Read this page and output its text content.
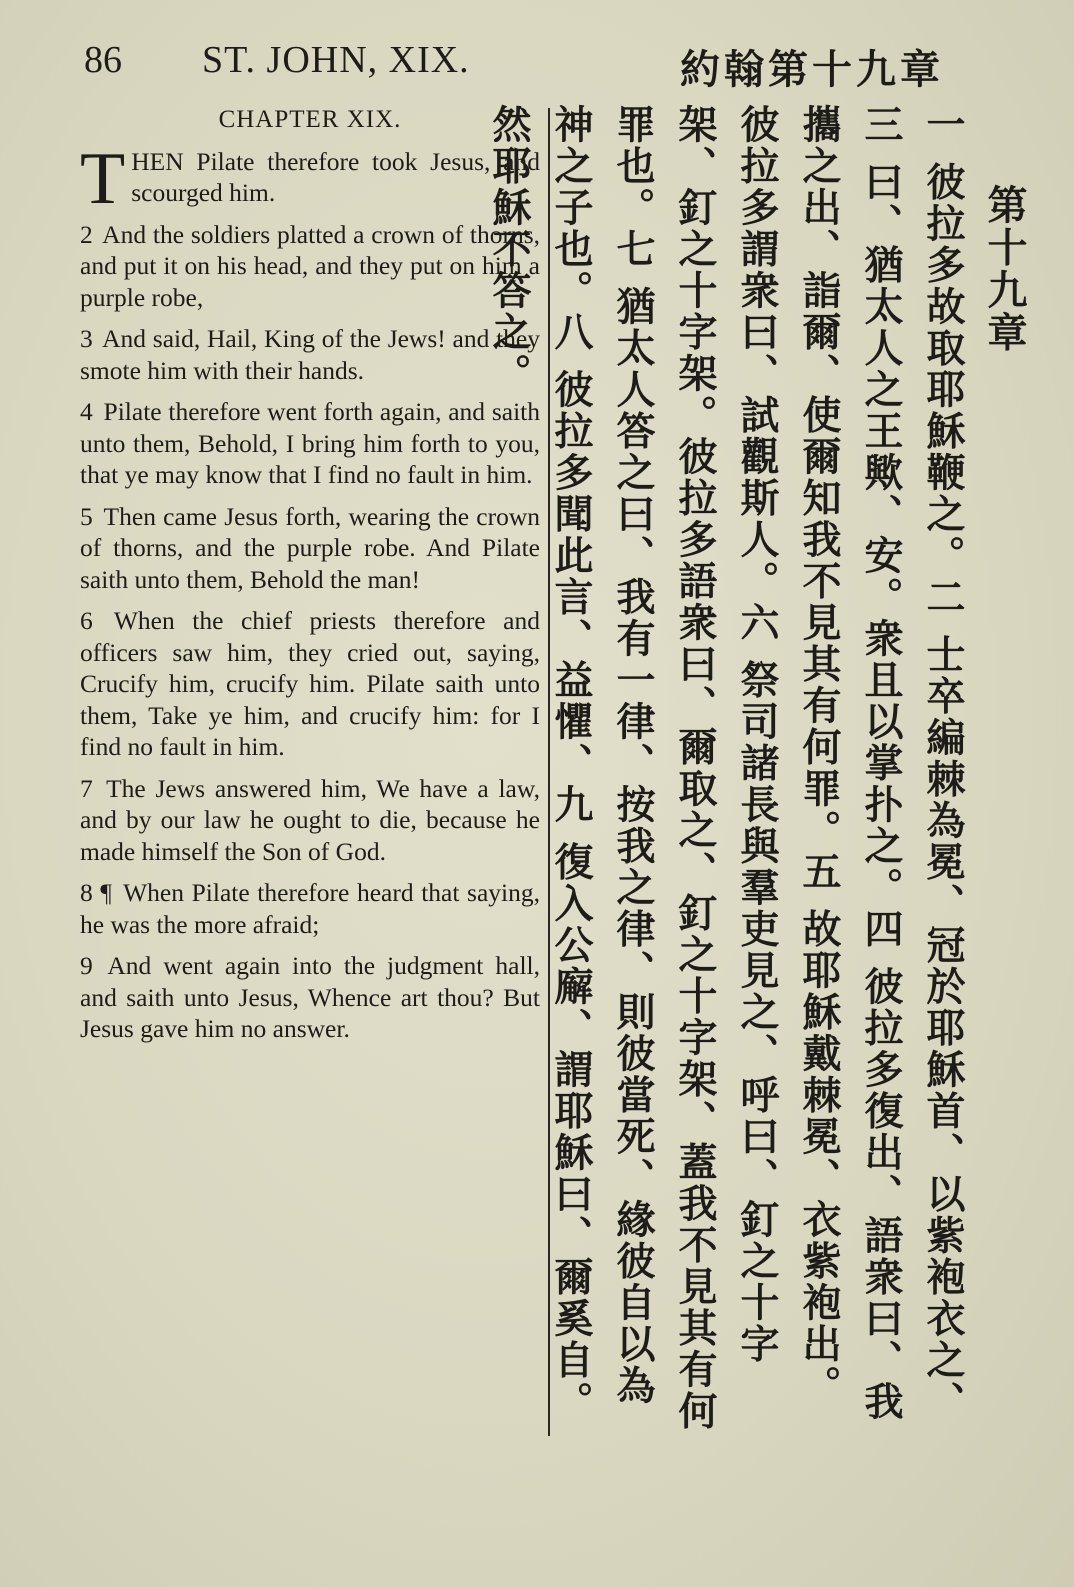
86 ST. JOHN, XIX.	約翰第十九章
CHAPTER XIX.
T HEN Pilate therefore took Jesus, and scourged him.
2 And the soldiers platted a crown of thorns, and put it on his head, and they put on him a purple robe,
3 And said, Hail, King of the Jews! and they smote him with their hands.
4 Pilate therefore went forth again, and saith unto them, Behold, I bring him forth to you, that ye may know that I find no fault in him.
5 Then came Jesus forth, wearing the crown of thorns, and the purple robe. And Pilate saith unto them, Behold the man!
6 When the chief priests therefore and officers saw him, they cried out, saying, Crucify him, crucify him. Pilate saith unto them, Take ye him, and crucify him: for I find no fault in him.
7 The Jews answered him, We have a law, and by our law he ought to die, because he made himself the Son of God.
8 ¶ When Pilate therefore heard that saying, he was the more afraid;
9 And went again into the judgment hall, and saith unto Jesus, Whence art thou? But Jesus gave him no answer.
第十九章
一 彼拉多故取耶穌鞭之。二 士卒編棘為冕、冠於耶穌首、以紫袍衣之、三 曰、猶太人之王歟、安。衆且以掌扑之。四 彼拉多復出、語衆曰、我攜之出、詣爾、使爾知我不見其有何罪。五 故耶穌戴棘冕、衣紫袍出。彼拉多謂衆曰、試觀斯人。六 祭司諸長與羣吏見之、呼曰、釘之十字架、釘之十字架。彼拉多語衆曰、爾取之、釘之十字架、蓋我不見其有何罪也。七 猶太人答之曰、我有一律、按我之律、則彼當死、緣彼自以為神之子也。八 彼拉多聞此言、益懼、九 復入公廨、謂耶穌曰、爾奚自。然耶穌不答之。
